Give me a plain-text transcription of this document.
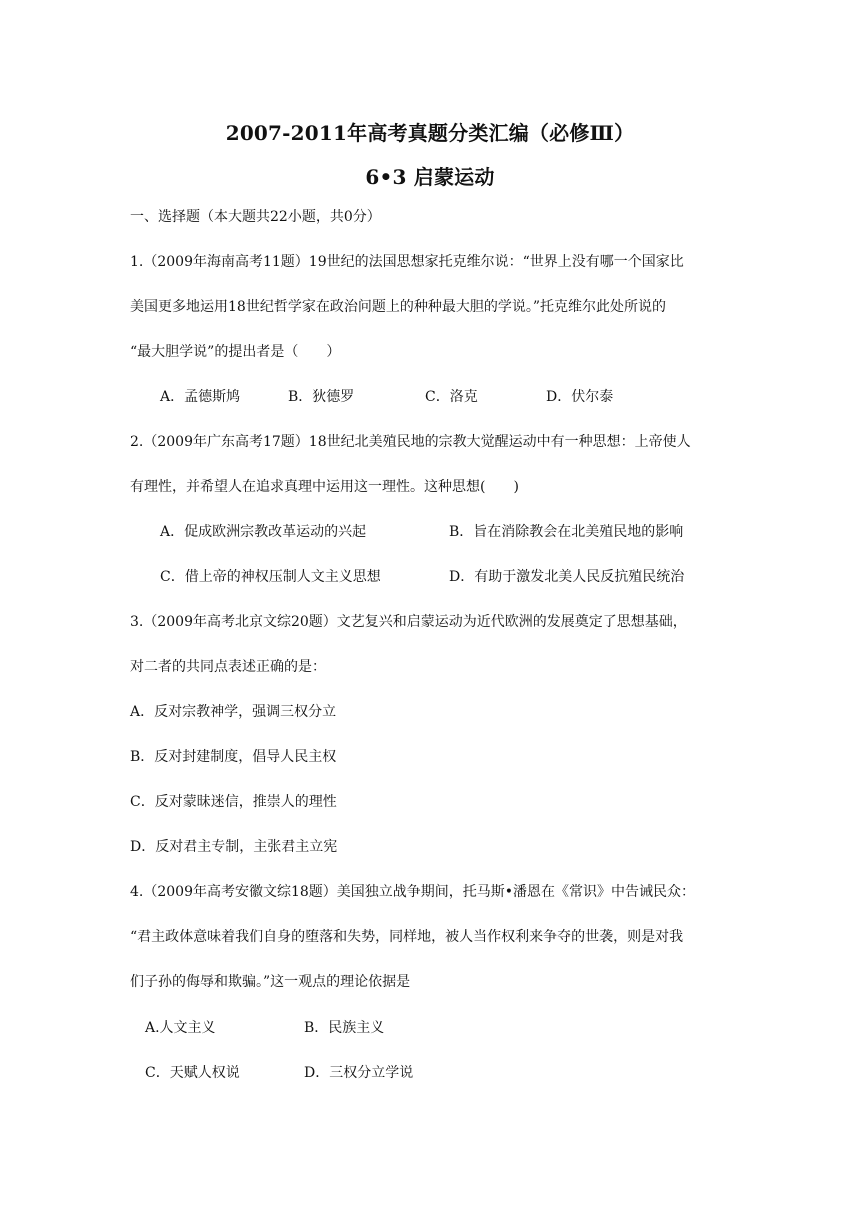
2007-2011年高考真题分类汇编（必修Ⅲ）
6•3 启蒙运动
一、选择题（本大题共22小题，共0分）
1.（2009年海南高考11题）19世纪的法国思想家托克维尔说：“世界上没有哪一个国家比
美国更多地运用18世纪哲学家在政治问题上的种种最大胆的学说。”托克维尔此处所说的
“最大胆学说”的提出者是（　　）
A．孟德斯鸠	B．狄德罗	C．洛克	D．伏尔泰
2.（2009年广东高考17题）18世纪北美殖民地的宗教大觉醒运动中有一种思想：上帝使人
有理性，并希望人在追求真理中运用这一理性。这种思想(　　)
A．促成欧洲宗教改革运动的兴起	B．旨在消除教会在北美殖民地的影响
C．借上帝的神权压制人文主义思想	D．有助于激发北美人民反抗殖民统治
3.（2009年高考北京文综20题）文艺复兴和启蒙运动为近代欧洲的发展奠定了思想基础，
对二者的共同点表述正确的是：
A．反对宗教神学，强调三权分立
B．反对封建制度，倡导人民主权
C．反对蒙昧迷信，推崇人的理性
D．反对君主专制，主张君主立宪
4.（2009年高考安徽文综18题）美国独立战争期间，托马斯•潘恩在《常识》中告诫民众：
“君主政体意味着我们自身的堕落和失势，同样地，被人当作权利来争夺的世袭，则是对我
们子孙的侮辱和欺骗。”这一观点的理论依据是
A.人文主义	B．民族主义
C．天赋人权说	D．三权分立学说
